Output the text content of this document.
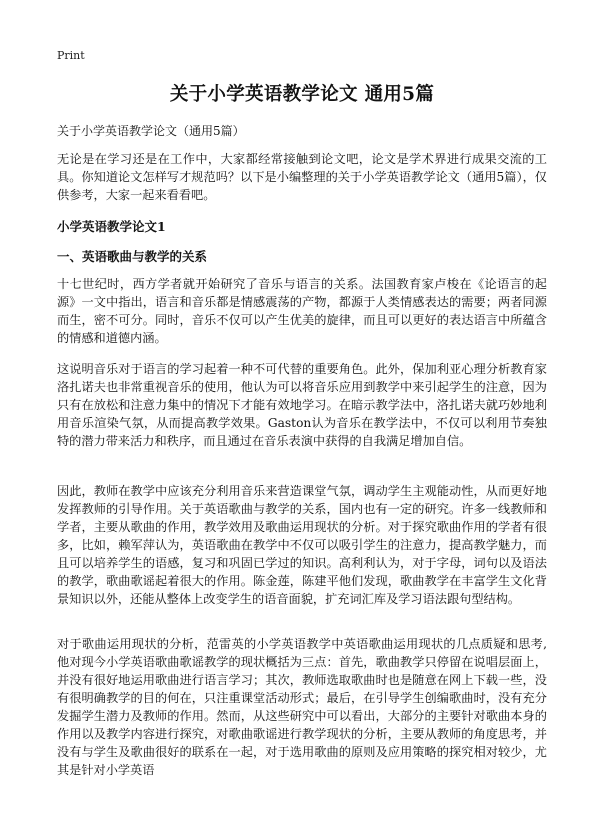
Print
关于小学英语教学论文 通用5篇
关于小学英语教学论文（通用5篇）

无论是在学习还是在工作中，大家都经常接触到论文吧，论文是学术界进行成果交流的工具。你知道论文怎样写才规范吗？以下是小编整理的关于小学英语教学论文（通用5篇），仅供参考，大家一起来看看吧。

小学英语教学论文1
一、英语歌曲与教学的关系

十七世纪时，西方学者就开始研究了音乐与语言的关系。法国教育家卢梭在《论语言的起源》一文中指出，语言和音乐都是情感震荡的产物，都源于人类情感表达的需要；两者同源而生，密不可分。同时，音乐不仅可以产生优美的旋律，而且可以更好的表达语言中所蕴含的情感和道德内涵。

这说明音乐对于语言的学习起着一种不可代替的重要角色。此外，保加利亚心理分析教育家洛扎诺夫也非常重视音乐的使用，他认为可以将音乐应用到教学中来引起学生的注意，因为只有在放松和注意力集中的情况下才能有效地学习。在暗示教学法中，洛扎诺夫就巧妙地利用音乐渲染气氛，从而提高教学效果。Gaston认为音乐在教学法中，不仅可以利用节奏独特的潜力带来活力和秩序，而且通过在音乐表演中获得的自我满足增加自信。

因此，教师在教学中应该充分利用音乐来营造课堂气氛，调动学生主观能动性，从而更好地发挥教师的引导作用。关于英语歌曲与教学的关系，国内也有一定的研究。许多一线教师和学者，主要从歌曲的作用，教学效用及歌曲运用现状的分析。对于探究歌曲作用的学者有很多，比如，赖军萍认为，英语歌曲在教学中不仅可以吸引学生的注意力，提高教学魅力，而且可以培养学生的语感，复习和巩固已学过的知识。高利利认为，对于字母，词句以及语法的教学，歌曲歌谣起着很大的作用。陈金莲，陈建平他们发现，歌曲教学在丰富学生文化背景知识以外，还能从整体上改变学生的语音面貌，扩充词汇库及学习语法跟句型结构。

对于歌曲运用现状的分析，范雷英的小学英语教学中英语歌曲运用现状的几点质疑和思考,他对现今小学英语歌曲歌谣教学的现状概括为三点：首先，歌曲教学只停留在说唱层面上，并没有很好地运用歌曲进行语言学习；其次，教师选取歌曲时也是随意在网上下载一些，没有很明确教学的目的何在，只注重课堂活动形式；最后，在引导学生创编歌曲时，没有充分发掘学生潜力及教师的作用。然而，从这些研究中可以看出，大部分的主要针对歌曲本身的作用以及教学内容进行探究，对歌曲歌谣进行教学现状的分析，主要从教师的角度思考，并没有与学生及歌曲很好的联系在一起，对于选用歌曲的原则及应用策略的探究相对较少，尤其是针对小学英语
